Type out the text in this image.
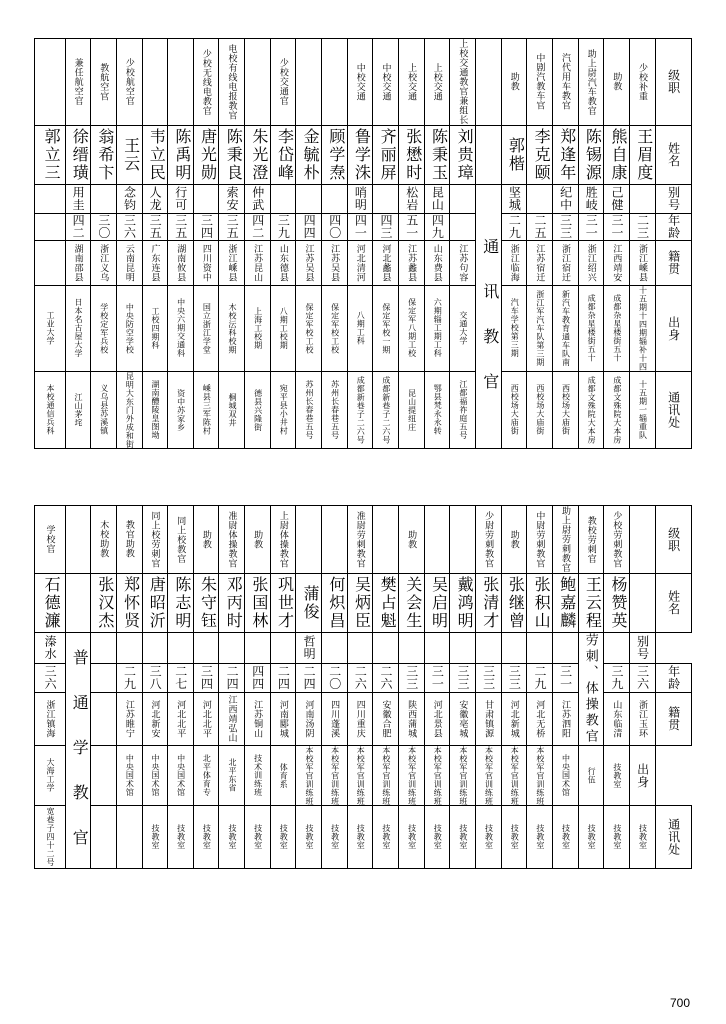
	兼任航空官	教航空官	少校航空官			少校无线电教官	电校有线电报教官		少校交通官			中校交通	中校交通	上校交通	上校交通	上校交通教官兼组长		助教	中剧汽教车官	汽代用车教官	助上尉汽车教官	助教	少校补重	级职

郭立三	徐缙璜	翁希卞	王云	韦立民	陈禹明	唐光勋	陈秉良	朱光澄	李岱峰	金毓朴	顾学焘	鲁学洙	齐丽屏	张懋时	陈秉玉	刘贵璋		郭楷	李克颐	郑逢年	陈锡源	熊自康	王眉度	姓名

	用圭		念钧	人龙	行可		索安	仲武				哨明		松岩	昆山		通 讯 教 官	坚城		纪中	胜岐	己健		别号

	四二	三〇	三六	三五	三五	三四	三五	四二	三九	四四	四〇	四一	四三	五一	四九			二九	二五	三三	三一	三一	二三	年龄

	湖南邵县	浙江义乌	云南昆明	广东连县	湖南攸县	四川资中	浙江嵊县	江苏昆山	山东德县	江苏吴县	江苏吴县	河北清河	河北蠡县	江苏蠡县	山东费县	江苏句容		浙江临海	江苏宿迁	浙江宿迁	浙江绍兴	江西靖安	浙江嵊县	籍贯

工业大学	日本名古屋大学	学校定军兵校	中央防空学校	工校四期科	中央六期交通科	国立浙江学堂	木校沄科校期	上海工校期	八期工校期	保定军校工校	保定军校工校	八期工科	保定军校一期	保定军八期工校	六期辎工期工科	交通大学		汽车学校第三期	浙江军汽车队第三期	新汽车教育通车队南	成都杂星楼街五十	成都杂星楼街五十	十五期十四期辎补十四	出身

本校通信兵科	江山茅垞	义乌县苏溪镇	昆明大东门外成和街	湖南醴陵皇图坳	资中苏家乡	嵊县三军陈村	桐城双井	德县兴隆街	宛平县小井村	苏州长春巷五号	苏州长春巷五号	成都新巷子二六号	成都新巷子二六号	昆山提纽庄	鄂县梵永永转	江都福祚庭五号		西校场大庙街	西校场大庙街	西校场大庙街	成都文殊院大本房	成都文殊院大本房	十五期一辎重队	通讯处
学校官		木校助教	教官助教	同上校劳刺官	同上校教官	助教	准尉体操教官	助教	上尉体操教官			准尉劳刺教官		助教			少尉劳刺教官	助教	中尉劳刺教官	助上尉劳刺教官	教校劳刺官	少校劳刺教官		级职

石德濂		张汉杰	郑怀贤	唐昭沂	陈志明	朱守钰	邓丙时	张国林	巩世才	蒲俊	何炽昌	吴炳臣	樊占魁	关会生	吴启明	戴鸿明	张清才	张继曾	张积山	鲍嘉麟	王云程	杨赞英		姓名

溱水	普 通 学 教 官									哲明											劳刺、体操教官		别号	

三六			二九	三八	二七	三四	二四	四四	二四	二四	二〇	二六	二六	三三	三一	三三	三三	三三	二九	三一		三九	三六	年龄

浙江镇海			江苏睢宁	河北新安	河北北平	河北北平	江西靖弘山	江苏铜山	河南郾城	河南汤阴	四川蓬溪	四川重庆	安徽合肥	陕西蒲城	河北景县	安徽亳城	甘肃镇源	河北新城	河北无桥	江苏泗阳		山东临清	浙江玉环	籍贯

大海工学			中央国术馆	中央国术馆	中央国术馆	北平体育专	北平东省	技术训练班	体育系	本校军官训练班	本校军官训练班	本校军官训练班	本校军官训练班	本校军官训练班	本校军官训练班	本校军官训练班	本校军官训练班	本校军官训练班	本校军官训练班	中央国术馆	行伍	技教室	出身	

宽巷子四十二号				技教室	技教室	技教室	技教室	技教室	技教室	技教室	技教室	技教室	技教室	技教室	技教室	技教室	技教室	技教室	技教室	技教室	技教室	技教室	技教室	通讯处
700
